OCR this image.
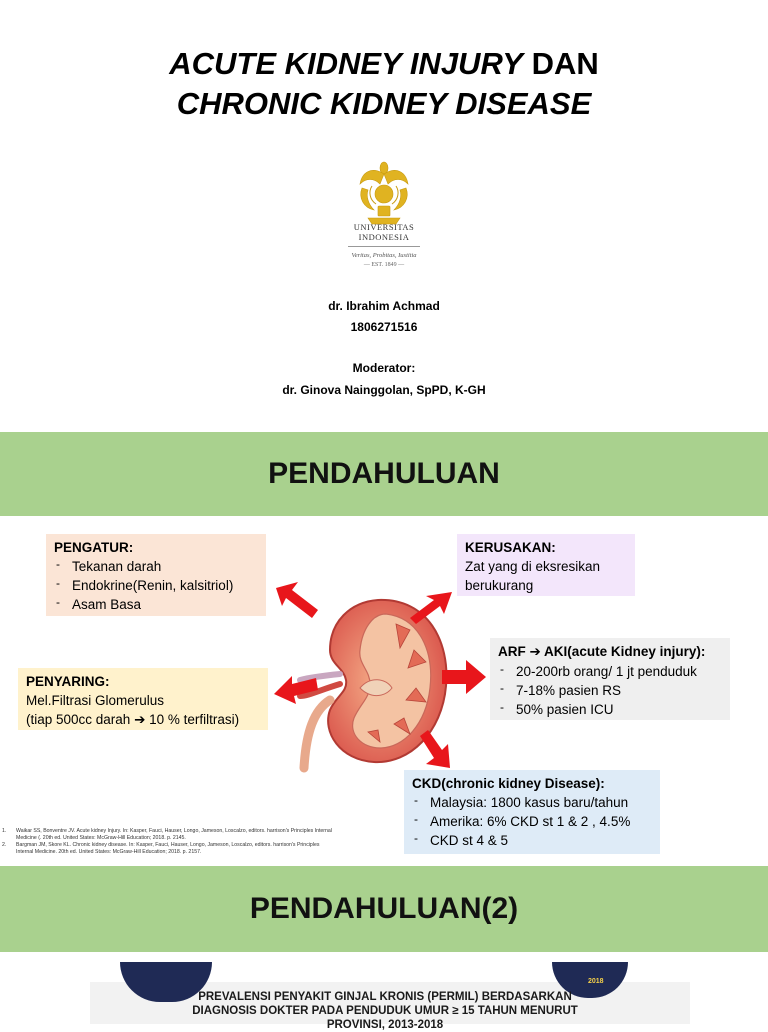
ACUTE KIDNEY INJURY DAN
CHRONIC KIDNEY DISEASE
UNIVERSITAS
INDONESIA
Veritas, Probitas, Iustitia
— EST. 1849 —
dr. Ibrahim Achmad
1806271516
Moderator:
dr. Ginova Nainggolan, SpPD, K-GH
PENDAHULUAN
PENGATUR:
- Tekanan darah
- Endokrine(Renin, kalsitriol)
- Asam Basa
KERUSAKAN:
Zat yang di eksresikan
berukurang
ARF ➔ AKI(acute Kidney injury):
- 20-200rb orang/ 1 jt penduduk
- 7-18% pasien RS
- 50% pasien ICU
PENYARING:
Mel.Filtrasi Glomerulus
(tiap 500cc darah ➔ 10 % terfiltrasi)
CKD(chronic kidney Disease):
- Malaysia: 1800 kasus baru/tahun
- Amerika: 6% CKD st 1 & 2 , 4.5%
- CKD st 4 & 5
1. Waikar SS, Bonventre JV. Acute kidney Injury. In: Kasper, Fauci, Hauser, Longo, Jameson, Loscalzo, editors. harrison's Principles Internal Medicine (. 20th ed. United States: McGraw-Hill Education; 2018. p. 2145.
2. Bargman JM, Skore KL. Chronic kidney disease. In: Kasper, Fauci, Hauser, Longo, Jameson, Loscalzo, editors. harrison's Principles Internal Medicine. 20th ed. United States: McGraw-Hill Education; 2018. p. 2157.
PENDAHULUAN(2)
2018
PREVALENSI PENYAKIT GINJAL KRONIS (PERMIL) BERDASARKAN
DIAGNOSIS DOKTER PADA PENDUDUK UMUR ≥ 15 TAHUN MENURUT
PROVINSI, 2013-2018
